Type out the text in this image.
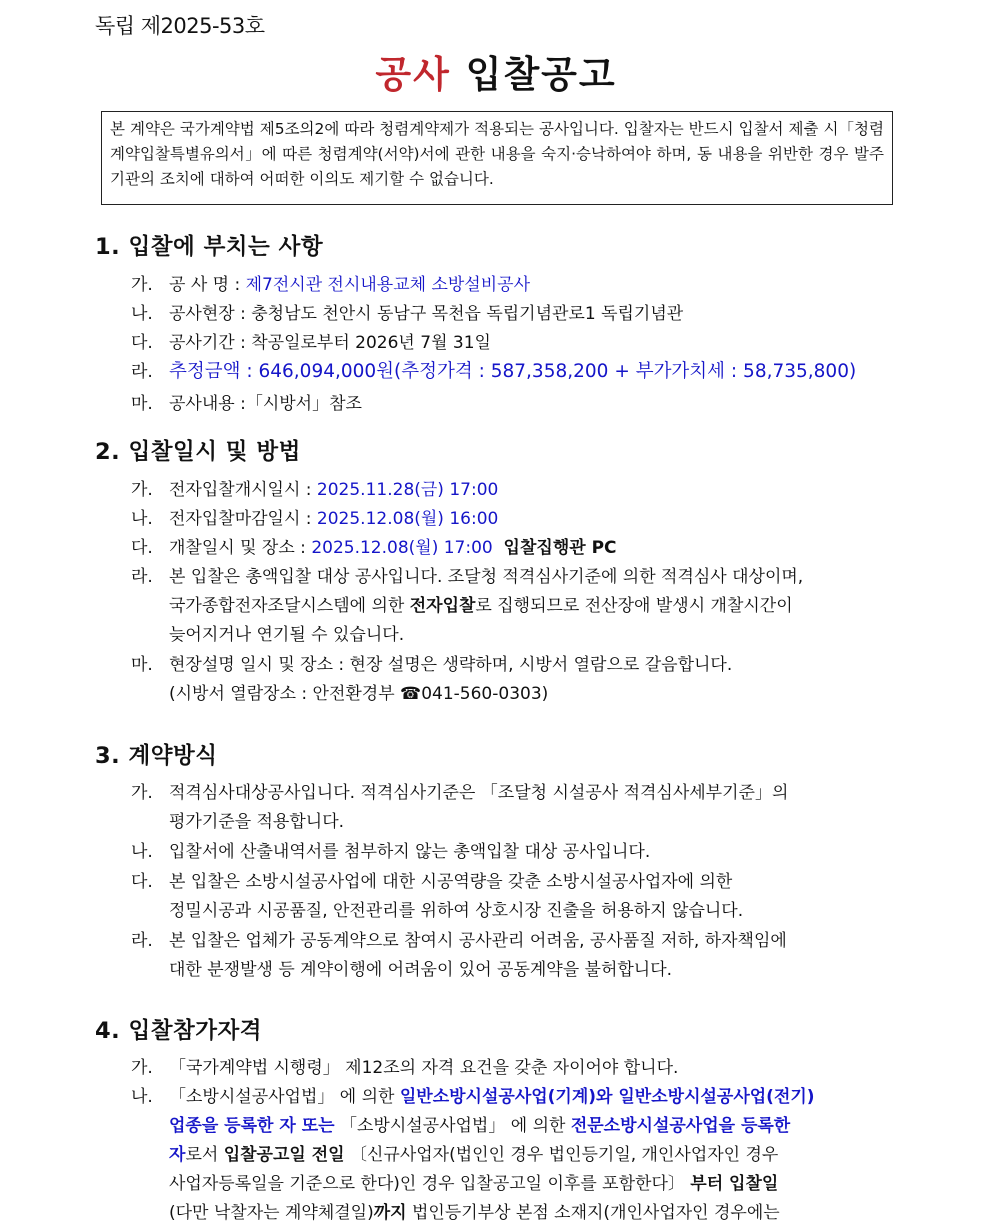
독립 제2025-53호
공사 입찰공고
본 계약은 국가계약법 제5조의2에 따라 청렴계약제가 적용되는 공사입니다. 입찰자는 반드시 입찰서 제출 시「청렴계약입찰특별유의서」에 따른 청렴계약(서약)서에 관한 내용을 숙지·승낙하여야 하며, 동 내용을 위반한 경우 발주기관의 조치에 대하여 어떠한 이의도 제기할 수 없습니다.
1. 입찰에 부치는 사항
가. 공 사 명 : 제7전시관 전시내용교체 소방설비공사
나. 공사현장 : 충청남도 천안시 동남구 목천읍 독립기념관로1 독립기념관
다. 공사기간 : 착공일로부터 2026년 7월 31일
라. 추정금액 : 646,094,000원(추정가격 : 587,358,200 + 부가가치세 : 58,735,800)
마. 공사내용 :「시방서」참조
2. 입찰일시 및 방법
가. 전자입찰개시일시 : 2025.11.28(금) 17:00
나. 전자입찰마감일시 : 2025.12.08(월) 16:00
다. 개찰일시 및 장소 : 2025.12.08(월) 17:00 입찰집행관 PC
라. 본 입찰은 총액입찰 대상 공사입니다. 조달청 적격심사기준에 의한 적격심사 대상이며,
국가종합전자조달시스템에 의한 전자입찰로 집행되므로 전산장애 발생시 개찰시간이
늦어지거나 연기될 수 있습니다.
마. 현장설명 일시 및 장소 : 현장 설명은 생략하며, 시방서 열람으로 갈음합니다.
(시방서 열람장소 : 안전환경부 ☎041-560-0303)
3. 계약방식
가. 적격심사대상공사입니다. 적격심사기준은 「조달청 시설공사 적격심사세부기준」의
평가기준을 적용합니다.
나. 입찰서에 산출내역서를 첨부하지 않는 총액입찰 대상 공사입니다.
다. 본 입찰은 소방시설공사업에 대한 시공역량을 갖춘 소방시설공사업자에 의한
정밀시공과 시공품질, 안전관리를 위하여 상호시장 진출을 허용하지 않습니다.
라. 본 입찰은 업체가 공동계약으로 참여시 공사관리 어려움, 공사품질 저하, 하자책임에
대한 분쟁발생 등 계약이행에 어려움이 있어 공동계약을 불허합니다.
4. 입찰참가자격
가. 「국가계약법 시행령」 제12조의 자격 요건을 갖춘 자이어야 합니다.
나. 「소방시설공사업법」 에 의한 일반소방시설공사업(기계)와 일반소방시설공사업(전기)
업종을 등록한 자 또는 「소방시설공사업법」 에 의한 전문소방시설공사업을 등록한
자로서 입찰공고일 전일 〔신규사업자(법인인 경우 법인등기일, 개인사업자인 경우
사업자등록일을 기준으로 한다)인 경우 입찰공고일 이후를 포함한다〕 부터 입찰일
(다만 낙찰자는 계약체결일)까지 법인등기부상 본점 소재지(개인사업자인 경우에는
